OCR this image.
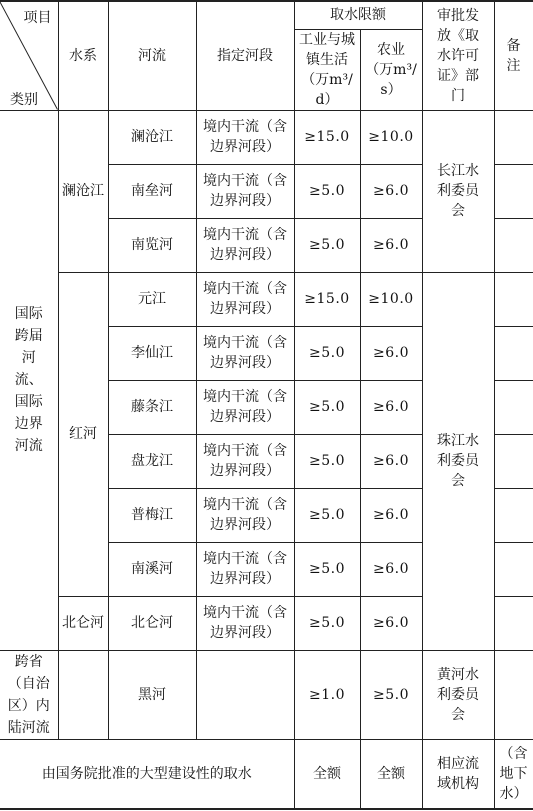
项目
类别	水系	河流	指定河段	取水限额		审批发放《取水许可证》部门	备注
				工业与城镇生活（万m³/d）	农业（万m³/s）		

国际跨届河流、国际边界河流	澜沧江	澜沧江	境内干流（含边界河段）	≥15.0	≥10.0	长江水利委员会	
		南垒河	境内干流（含边界河段）	≥5.0	≥6.0		
		南览河	境内干流（含边界河段）	≥5.0	≥6.0		
	红河	元江	境内干流（含边界河段）	≥15.0	≥10.0	珠江水利委员会	
		李仙江	境内干流（含边界河段）	≥5.0	≥6.0		
		藤条江	境内干流（含边界河段）	≥5.0	≥6.0		
		盘龙江	境内干流（含边界河段）	≥5.0	≥6.0		
		普梅江	境内干流（含边界河段）	≥5.0	≥6.0		
		南溪河	境内干流（含边界河段）	≥5.0	≥6.0		
	北仑河	北仑河	境内干流（含边界河段）	≥5.0	≥6.0		
跨省（自治区）内陆河流		黑河		≥1.0	≥5.0	黄河水利委员会	
由国务院批准的大型建设性的取水				全额	全额	相应流域机构	（含地下水）
